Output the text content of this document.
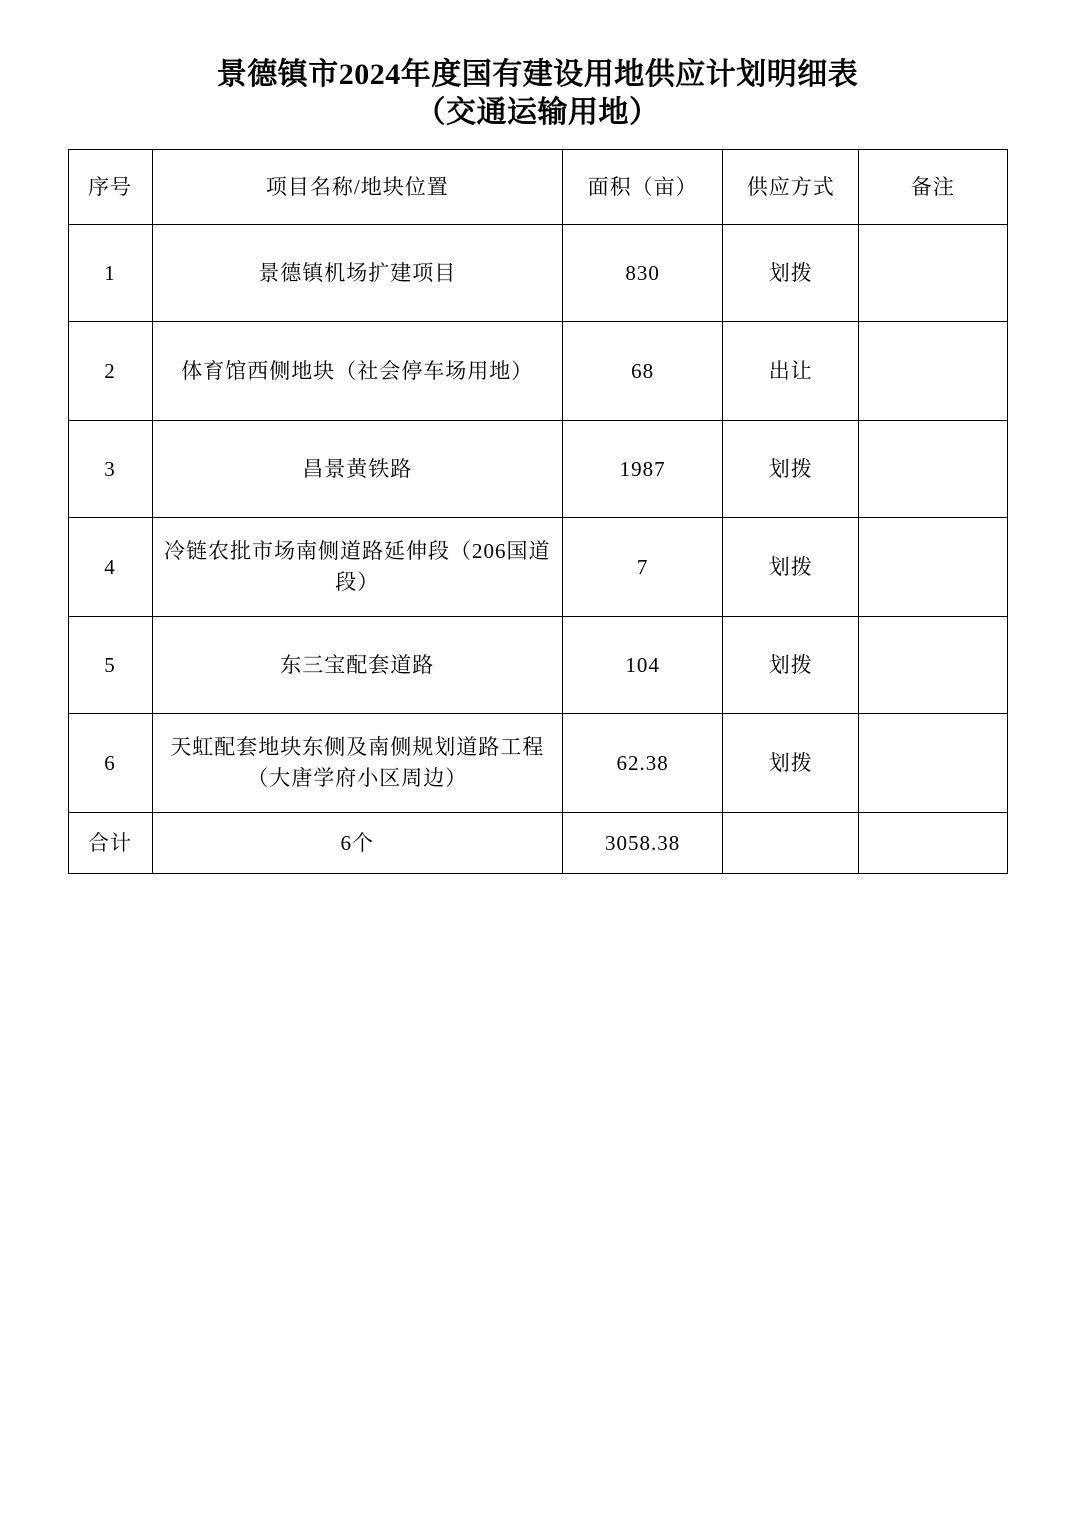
景德镇市2024年度国有建设用地供应计划明细表
（交通运输用地）
序号	项目名称/地块位置	面积（亩）	供应方式	备注
1	景德镇机场扩建项目	830	划拨	
2	体育馆西侧地块（社会停车场用地）	68	出让	
3	昌景黄铁路	1987	划拨	
4	冷链农批市场南侧道路延伸段（206国道段）	7	划拨	
5	东三宝配套道路	104	划拨	
6	天虹配套地块东侧及南侧规划道路工程（大唐学府小区周边）	62.38	划拨	
合计	6个	3058.38		
